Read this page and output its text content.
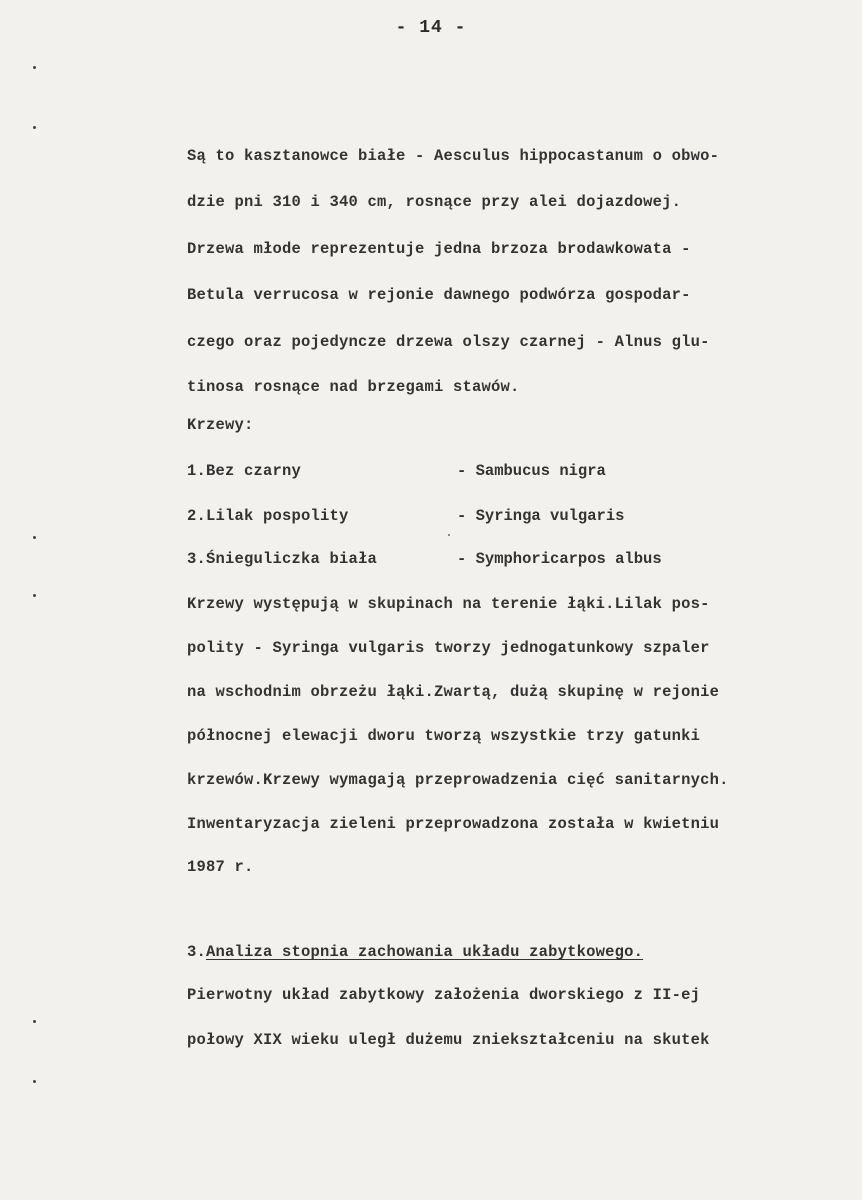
- 14 -
Są to kasztanowce białe - Aesculus hippocastanum o obwo-
dzie pni 310 i 340 cm, rosnące przy alei dojazdowej.
Drzewa młode reprezentuje jedna brzoza brodawkowata -
Betula verrucosa w rejonie dawnego podwórza gospodar-
czego oraz pojedyncze drzewa olszy czarnej - Alnus glu-
tinosa rosnące nad brzegami stawów.
Krzewy:
1.Bez czarny	- Sambucus nigra
2.Lilak pospolity	- Syringa vulgaris
3.Śnieguliczka biała	- Symphoricarpos albus
Krzewy występują w skupinach na terenie łąki.Lilak pos-
polity - Syringa vulgaris tworzy jednogatunkowy szpaler
na wschodnim obrzeżu łąki.Zwartą, dużą skupinę w rejonie
północnej elewacji dworu tworzą wszystkie trzy gatunki
krzewów.Krzewy wymagają przeprowadzenia cięć sanitarnych.
Inwentaryzacja zieleni przeprowadzona została w kwietniu
1987 r.
3.Analiza stopnia zachowania układu zabytkowego.
Pierwotny układ zabytkowy założenia dworskiego z II-ej
połowy XIX wieku uległ dużemu zniekształceniu na skutek
